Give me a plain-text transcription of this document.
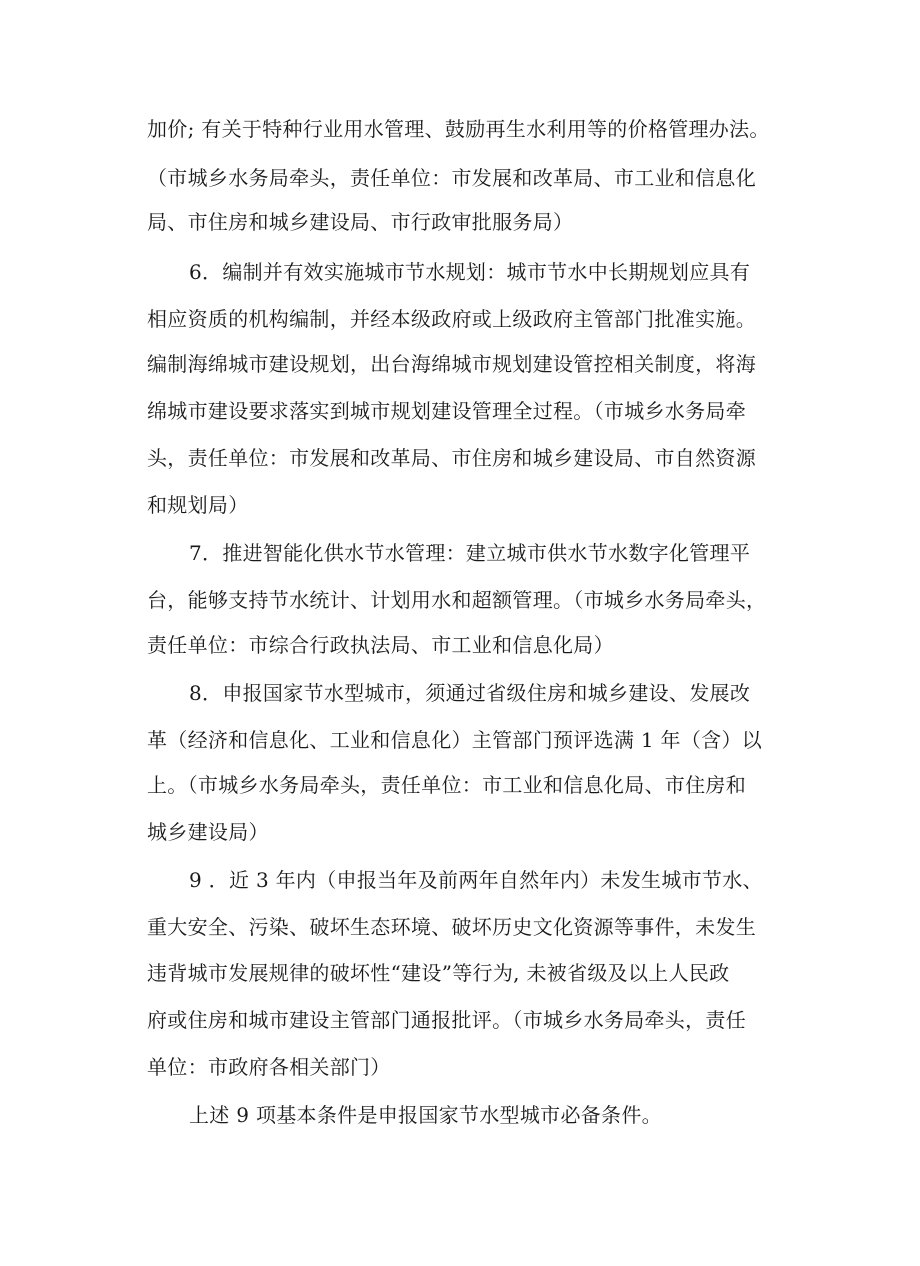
加价; 有关于特种行业用水管理、鼓励再生水利用等的价格管理办法。
（市城乡水务局牵头，责任单位：市发展和改革局、市工业和信息化
局、市住房和城乡建设局、市行政审批服务局）
6．编制并有效实施城市节水规划：城市节水中长期规划应具有
相应资质的机构编制，并经本级政府或上级政府主管部门批准实施。
编制海绵城市建设规划，出台海绵城市规划建设管控相关制度，将海
绵城市建设要求落实到城市规划建设管理全过程。（市城乡水务局牵
头，责任单位：市发展和改革局、市住房和城乡建设局、市自然资源
和规划局）
7．推进智能化供水节水管理：建立城市供水节水数字化管理平
台，能够支持节水统计、计划用水和超额管理。（市城乡水务局牵头，
责任单位：市综合行政执法局、市工业和信息化局）
8．申报国家节水型城市，须通过省级住房和城乡建设、发展改
革（经济和信息化、工业和信息化）主管部门预评选满 1 年（含）以
上。（市城乡水务局牵头，责任单位：市工业和信息化局、市住房和
城乡建设局）
9 ．近 3 年内（申报当年及前两年自然年内）未发生城市节水、
重大安全、污染、破坏生态环境、破坏历史文化资源等事件，未发生
违背城市发展规律的破坏性“建设”等行为, 未被省级及以上人民政
府或住房和城市建设主管部门通报批评。（市城乡水务局牵头，责任
单位：市政府各相关部门）
上述 9 项基本条件是申报国家节水型城市必备条件。
